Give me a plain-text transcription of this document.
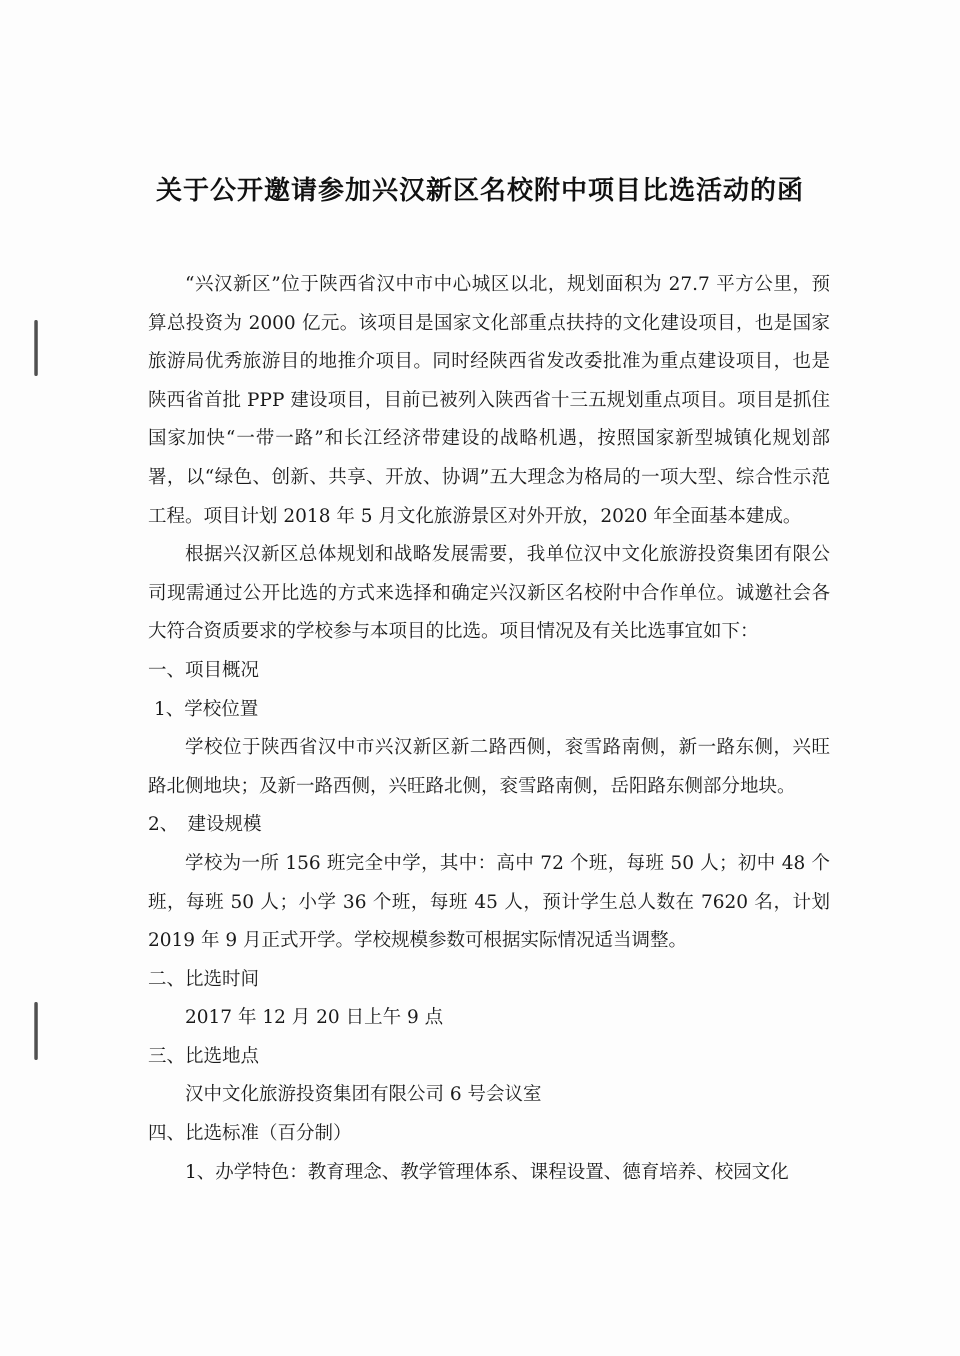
关于公开邀请参加兴汉新区名校附中项目比选活动的函

“兴汉新区”位于陕西省汉中市中心城区以北，规划面积为 27.7 平方公里，预算总投资为 2000 亿元。该项目是国家文化部重点扶持的文化建设项目，也是国家旅游局优秀旅游目的地推介项目。同时经陕西省发改委批准为重点建设项目，也是陕西省首批 PPP 建设项目，目前已被列入陕西省十三五规划重点项目。项目是抓住国家加快“一带一路”和长江经济带建设的战略机遇，按照国家新型城镇化规划部署，以“绿色、创新、共享、开放、协调”五大理念为格局的一项大型、综合性示范工程。项目计划 2018 年 5 月文化旅游景区对外开放，2020 年全面基本建成。

根据兴汉新区总体规划和战略发展需要，我单位汉中文化旅游投资集团有限公司现需通过公开比选的方式来选择和确定兴汉新区名校附中合作单位。诚邀社会各大符合资质要求的学校参与本项目的比选。项目情况及有关比选事宜如下：

一、项目概况

1、学校位置

学校位于陕西省汉中市兴汉新区新二路西侧，衮雪路南侧，新一路东侧，兴旺路北侧地块；及新一路西侧，兴旺路北侧，衮雪路南侧，岳阳路东侧部分地块。

2、　建设规模

学校为一所 156 班完全中学，其中：高中 72 个班，每班 50 人；初中 48 个班，每班 50 人；小学 36 个班，每班 45 人，预计学生总人数在 7620 名，计划 2019 年 9 月正式开学。学校规模参数可根据实际情况适当调整。

二、比选时间

2017 年 12 月 20 日上午 9 点

三、比选地点

汉中文化旅游投资集团有限公司 6 号会议室

四、比选标准（百分制）

1、办学特色：教育理念、教学管理体系、课程设置、德育培养、校园文化
